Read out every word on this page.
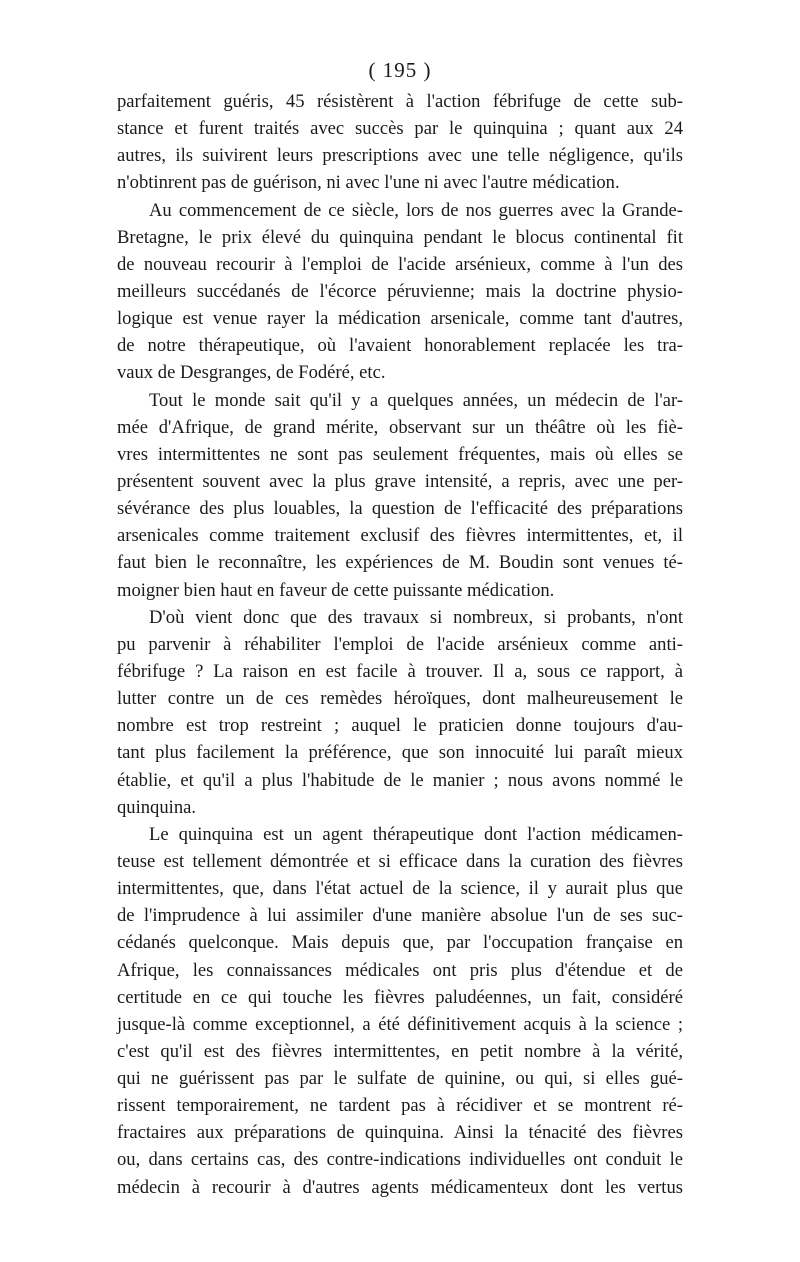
( 195 )
parfaitement guéris, 45 résistèrent à l'action fébrifuge de cette sub-
stance et furent traités avec succès par le quinquina ; quant aux 24
autres, ils suivirent leurs prescriptions avec une telle négligence, qu'ils
n'obtinrent pas de guérison, ni avec l'une ni avec l'autre médication.
Au commencement de ce siècle, lors de nos guerres avec la Grande-
Bretagne, le prix élevé du quinquina pendant le blocus continental fit
de nouveau recourir à l'emploi de l'acide arsénieux, comme à l'un des
meilleurs succédanés de l'écorce péruvienne; mais la doctrine physio-
logique est venue rayer la médication arsenicale, comme tant d'autres,
de notre thérapeutique, où l'avaient honorablement replacée les tra-
vaux de Desgranges, de Fodéré, etc.
Tout le monde sait qu'il y a quelques années, un médecin de l'ar-
mée d'Afrique, de grand mérite, observant sur un théâtre où les fiè-
vres intermittentes ne sont pas seulement fréquentes, mais où elles se
présentent souvent avec la plus grave intensité, a repris, avec une per-
sévérance des plus louables, la question de l'efficacité des préparations
arsenicales comme traitement exclusif des fièvres intermittentes, et, il
faut bien le reconnaître, les expériences de M. Boudin sont venues té-
moigner bien haut en faveur de cette puissante médication.
D'où vient donc que des travaux si nombreux, si probants, n'ont
pu parvenir à réhabiliter l'emploi de l'acide arsénieux comme anti-
fébrifuge ? La raison en est facile à trouver. Il a, sous ce rapport, à
lutter contre un de ces remèdes héroïques, dont malheureusement le
nombre est trop restreint ; auquel le praticien donne toujours d'au-
tant plus facilement la préférence, que son innocuité lui paraît mieux
établie, et qu'il a plus l'habitude de le manier ; nous avons nommé le
quinquina.
Le quinquina est un agent thérapeutique dont l'action médicamen-
teuse est tellement démontrée et si efficace dans la curation des fièvres
intermittentes, que, dans l'état actuel de la science, il y aurait plus que
de l'imprudence à lui assimiler d'une manière absolue l'un de ses suc-
cédanés quelconque. Mais depuis que, par l'occupation française en
Afrique, les connaissances médicales ont pris plus d'étendue et de
certitude en ce qui touche les fièvres paludéennes, un fait, considéré
jusque-là comme exceptionnel, a été définitivement acquis à la science ;
c'est qu'il est des fièvres intermittentes, en petit nombre à la vérité,
qui ne guérissent pas par le sulfate de quinine, ou qui, si elles gué-
rissent temporairement, ne tardent pas à récidiver et se montrent ré-
fractaires aux préparations de quinquina. Ainsi la ténacité des fièvres
ou, dans certains cas, des contre-indications individuelles ont conduit le
médecin à recourir à d'autres agents médicamenteux dont les vertus
